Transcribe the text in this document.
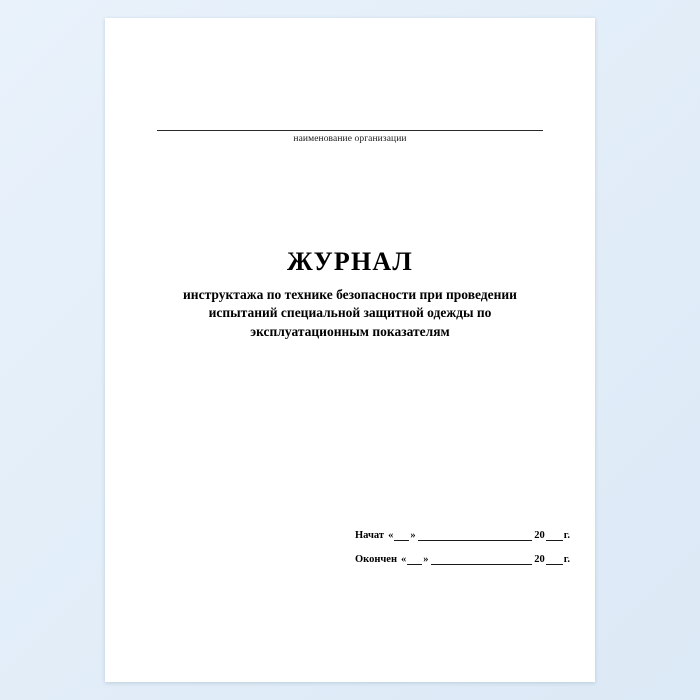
наименование организации
ЖУРНАЛ
инструктажа по технике безопасности при проведении
испытаний специальной защитной одежды по
эксплуатационным показателям
Начат « »	20 г.
Окончен « »	20 г.
